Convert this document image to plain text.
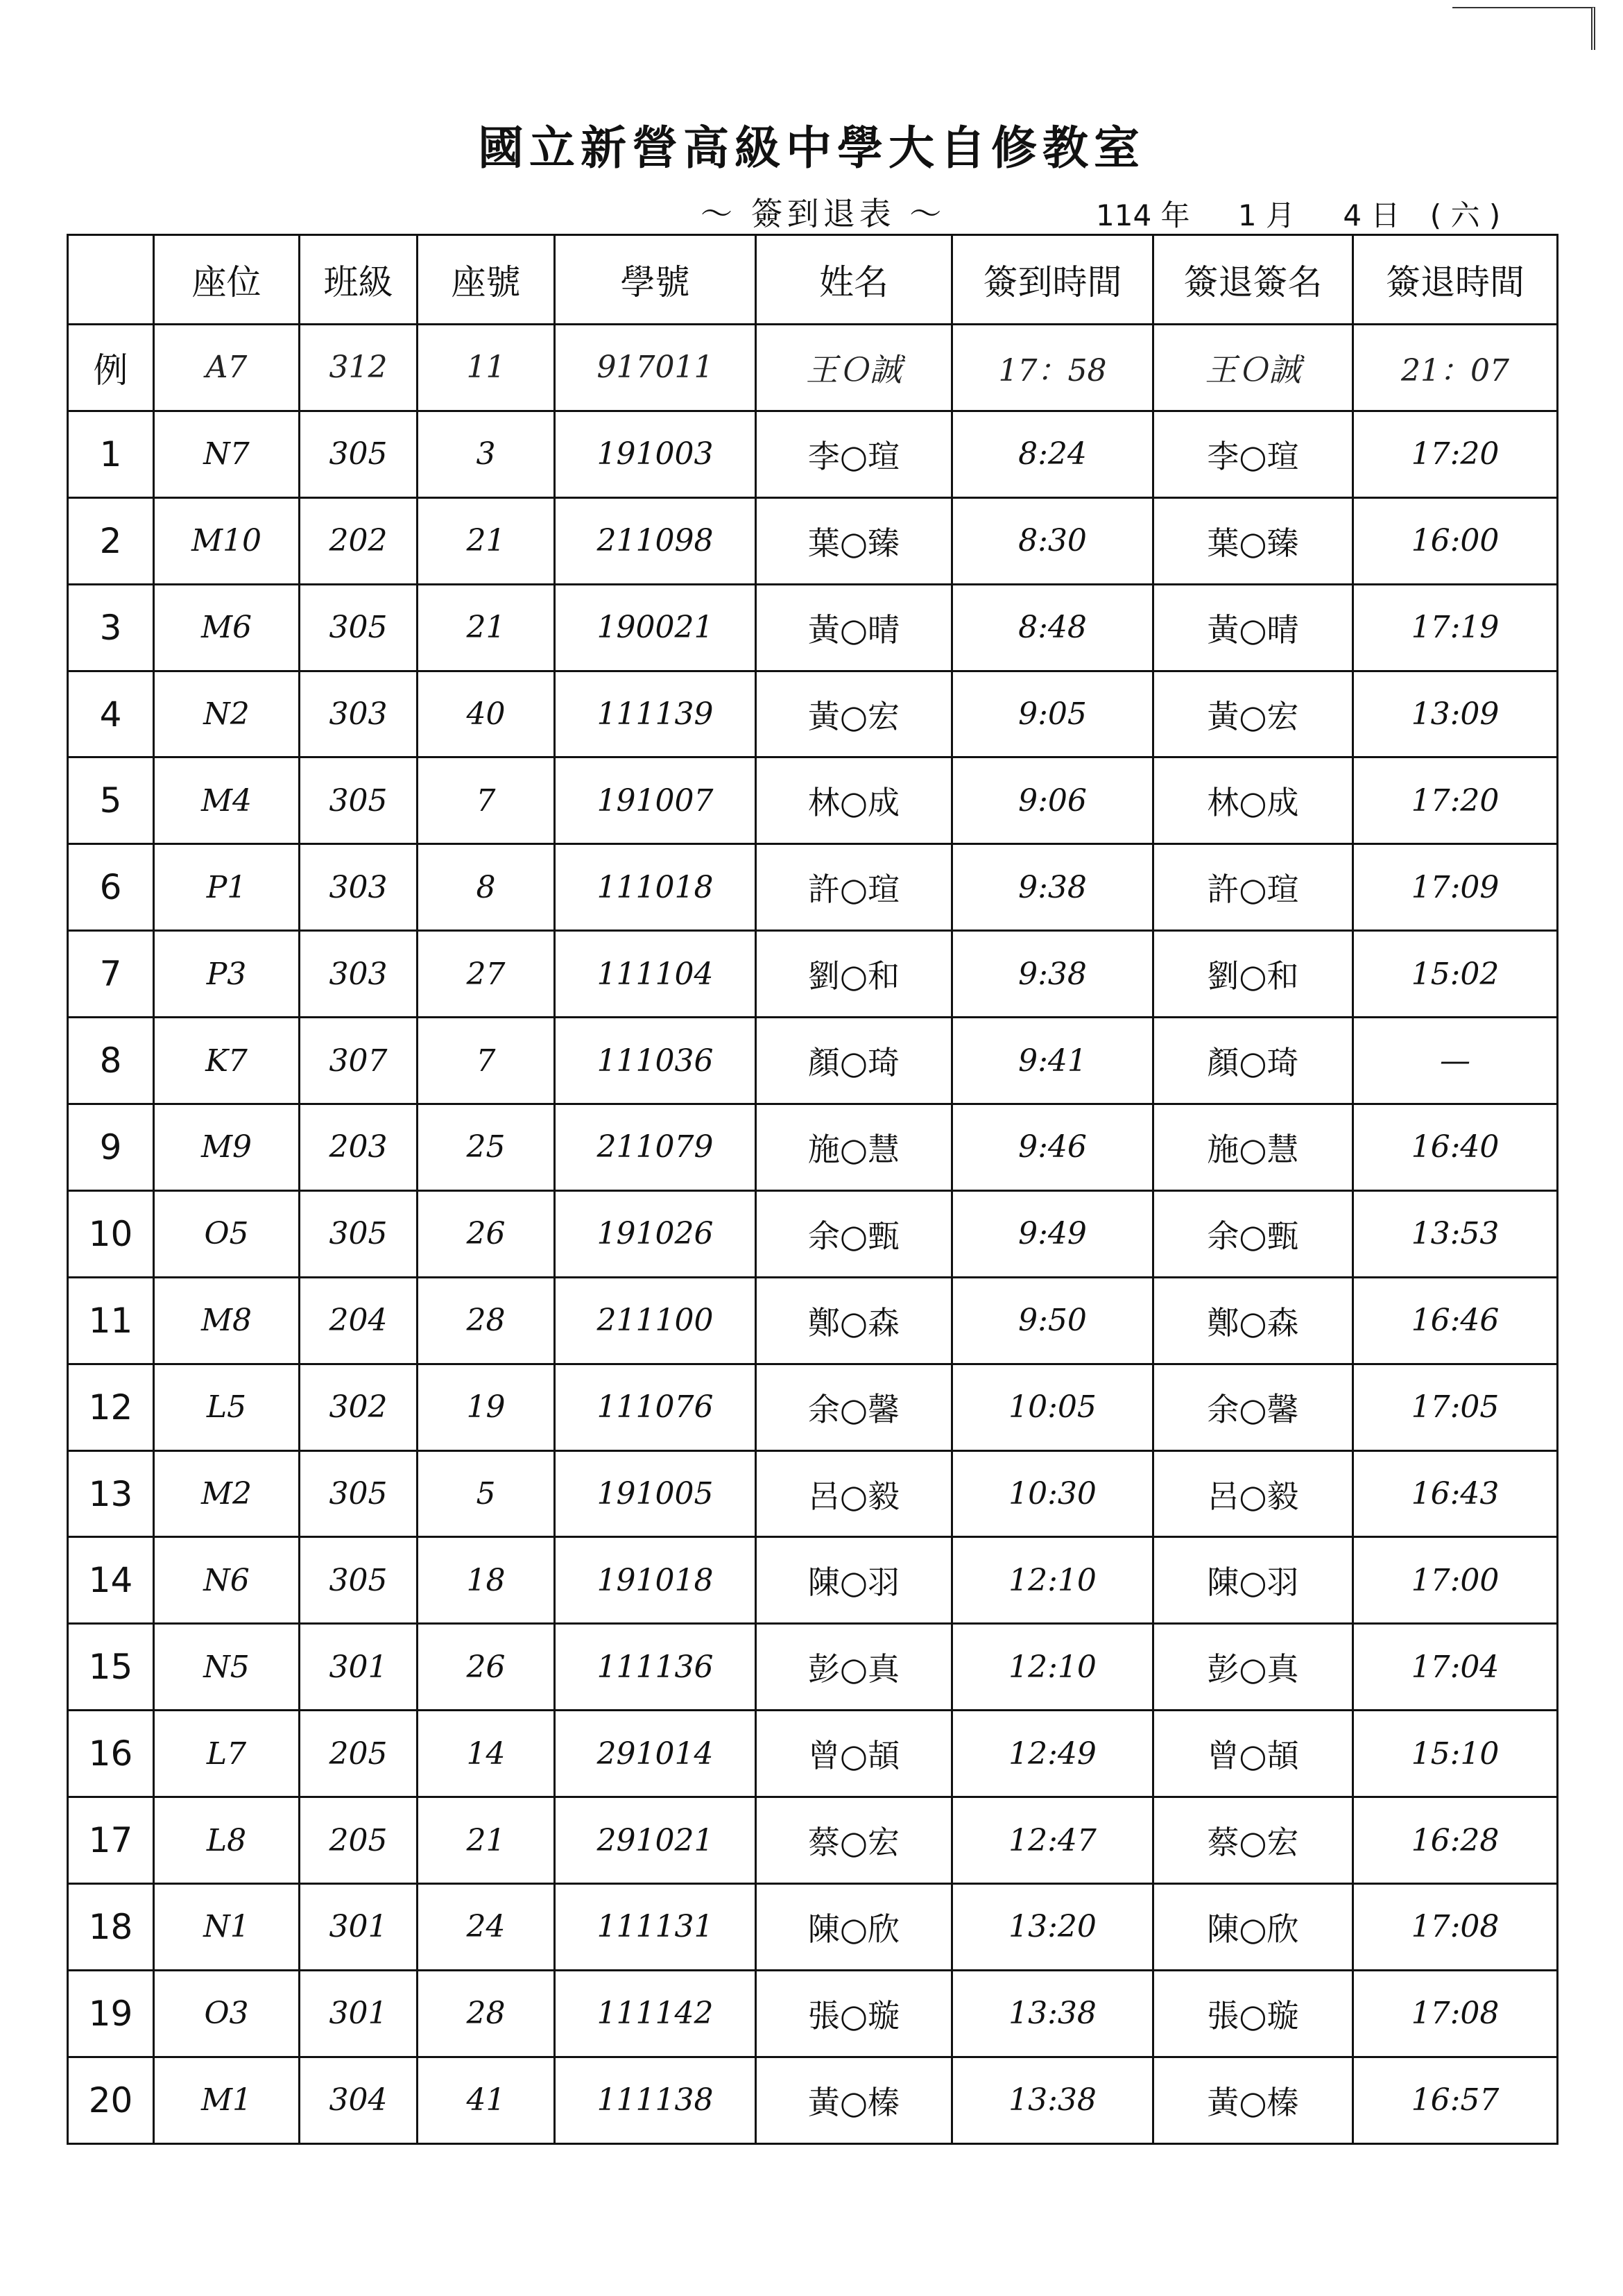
國立新營高級中學大自修教室
～ 簽到退表 ～	114 年 1 月 4 日 ( 六 )
	座位	班級	座號	學號	姓名	簽到時間	簽退簽名	簽退時間
例	A7	312	11	917011	王Ｏ誠	17：58	王Ｏ誠	21：07
1	N7	305	3	191003	李○瑄	8:24	李○瑄	17:20
2	M10	202	21	211098	葉○臻	8:30	葉○臻	16:00
3	M6	305	21	190021	黃○晴	8:48	黃○晴	17:19
4	N2	303	40	111139	黃○宏	9:05	黃○宏	13:09
5	M4	305	7	191007	林○成	9:06	林○成	17:20
6	P1	303	8	111018	許○瑄	9:38	許○瑄	17:09
7	P3	303	27	111104	劉○和	9:38	劉○和	15:02
8	K7	307	7	111036	顏○琦	9:41	顏○琦	—
9	M9	203	25	211079	施○慧	9:46	施○慧	16:40
10	O5	305	26	191026	余○甄	9:49	余○甄	13:53
11	M8	204	28	211100	鄭○森	9:50	鄭○森	16:46
12	L5	302	19	111076	余○馨	10:05	余○馨	17:05
13	M2	305	5	191005	呂○毅	10:30	呂○毅	16:43
14	N6	305	18	191018	陳○羽	12:10	陳○羽	17:00
15	N5	301	26	111136	彭○真	12:10	彭○真	17:04
16	L7	205	14	291014	曾○頡	12:49	曾○頡	15:10
17	L8	205	21	291021	蔡○宏	12:47	蔡○宏	16:28
18	N1	301	24	111131	陳○欣	13:20	陳○欣	17:08
19	O3	301	28	111142	張○璇	13:38	張○璇	17:08
20	M1	304	41	111138	黃○榛	13:38	黃○榛	16:57
